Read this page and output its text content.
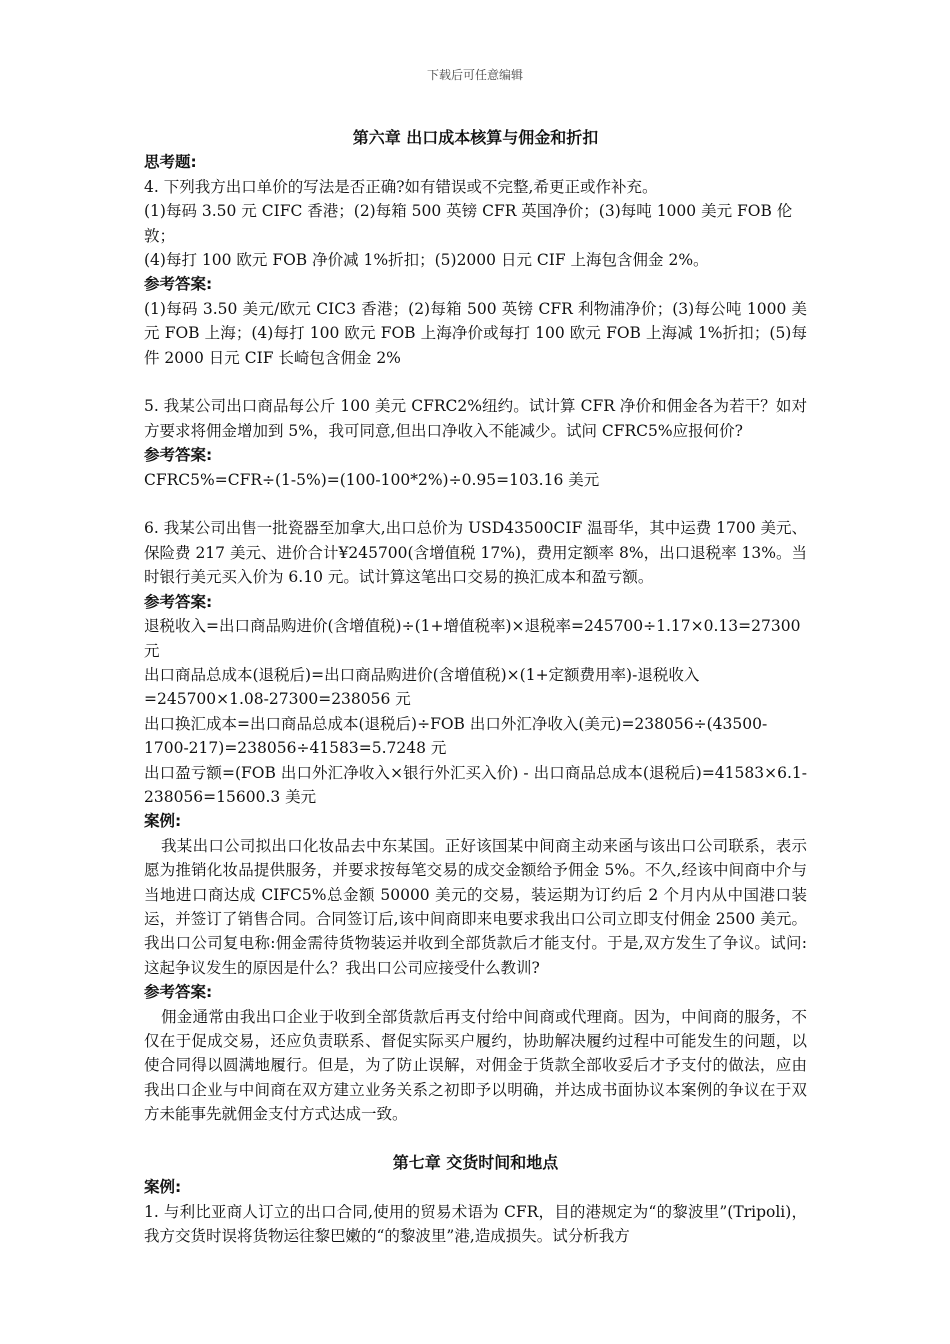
下载后可任意编辑

第六章 出口成本核算与佣金和折扣

思考题:

4. 下列我方出口单价的写法是否正确?如有错误或不完整,希更正或作补充。

(1)每码 3.50 元 CIFC 香港；(2)每箱 500 英镑 CFR 英国净价；(3)每吨 1000 美元 FOB 伦敦；

(4)每打 100 欧元 FOB 净价减 1%折扣；(5)2000 日元 CIF 上海包含佣金 2%。

参考答案:

(1)每码 3.50 美元/欧元 CIC3 香港；(2)每箱 500 英镑 CFR 利物浦净价；(3)每公吨 1000 美元 FOB 上海；(4)每打 100 欧元 FOB 上海净价或每打 100 欧元 FOB 上海减 1%折扣；(5)每件 2000 日元 CIF 长崎包含佣金 2%

5. 我某公司出口商品每公斤 100 美元 CFRC2%纽约。试计算 CFR 净价和佣金各为若干？如对方要求将佣金增加到 5%，我可同意,但出口净收入不能减少。试问 CFRC5%应报何价?

参考答案:

CFRC5%=CFR÷(1-5%)=(100-100*2%)÷0.95=103.16 美元

6. 我某公司出售一批瓷器至加拿大,出口总价为 USD43500CIF 温哥华，其中运费 1700 美元、保险费 217 美元、进价合计¥245700(含增值税 17%)，费用定额率 8%，出口退税率 13%。当时银行美元买入价为 6.10 元。试计算这笔出口交易的换汇成本和盈亏额。

参考答案:

退税收入=出口商品购进价(含增值税)÷(1+增值税率)×退税率=245700÷1.17×0.13=27300 元

出口商品总成本(退税后)=出口商品购进价(含增值税)×(1+定额费用率)-退税收入=245700×1.08-27300=238056 元

出口换汇成本=出口商品总成本(退税后)÷FOB 出口外汇净收入(美元)=238056÷(43500-1700-217)=238056÷41583=5.7248 元

出口盈亏额=(FOB 出口外汇净收入×银行外汇买入价) - 出口商品总成本(退税后)=41583×6.1-238056=15600.3 美元

案例:

我某出口公司拟出口化妆品去中东某国。正好该国某中间商主动来函与该出口公司联系，表示愿为推销化妆品提供服务，并要求按每笔交易的成交金额给予佣金 5%。不久,经该中间商中介与当地进口商达成 CIFC5%总金额 50000 美元的交易，装运期为订约后 2 个月内从中国港口装运，并签订了销售合同。合同签订后,该中间商即来电要求我出口公司立即支付佣金 2500 美元。我出口公司复电称:佣金需待货物装运并收到全部货款后才能支付。于是,双方发生了争议。试问:这起争议发生的原因是什么？我出口公司应接受什么教训?

参考答案:

佣金通常由我出口企业于收到全部货款后再支付给中间商或代理商。因为，中间商的服务，不仅在于促成交易，还应负责联系、督促实际买户履约，协助解决履约过程中可能发生的问题，以使合同得以圆满地履行。但是，为了防止误解，对佣金于货款全部收妥后才予支付的做法，应由我出口企业与中间商在双方建立业务关系之初即予以明确，并达成书面协议本案例的争议在于双方未能事先就佣金支付方式达成一致。

第七章 交货时间和地点

案例:

1. 与利比亚商人订立的出口合同,使用的贸易术语为 CFR，目的港规定为“的黎波里”(Tripoli)，我方交货时误将货物运往黎巴嫩的“的黎波里”港,造成损失。试分析我方
